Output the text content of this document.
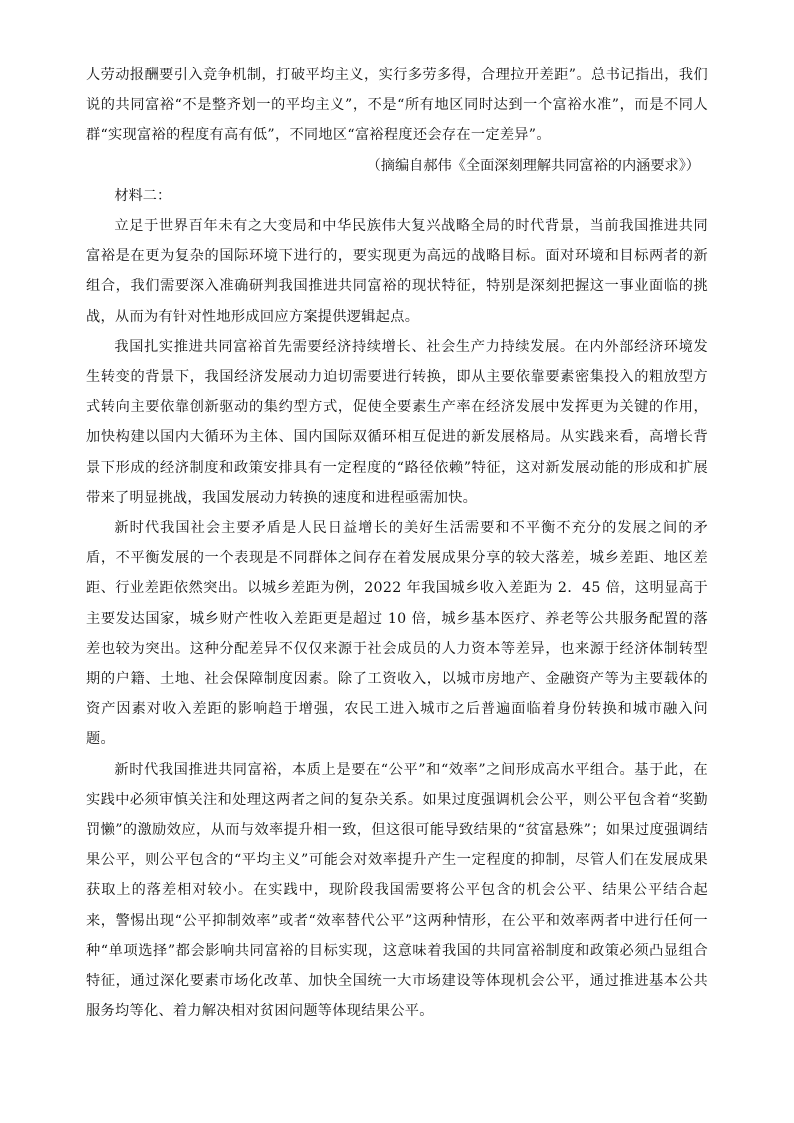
人劳动报酬要引入竞争机制，打破平均主义，实行多劳多得，合理拉开差距”。总书记指出，我们说的共同富裕“不是整齐划一的平均主义”，不是“所有地区同时达到一个富裕水准”，而是不同人群“实现富裕的程度有高有低”，不同地区“富裕程度还会存在一定差异”。

（摘编自郝伟《全面深刻理解共同富裕的内涵要求》）

材料二：

立足于世界百年未有之大变局和中华民族伟大复兴战略全局的时代背景，当前我国推进共同富裕是在更为复杂的国际环境下进行的，要实现更为高远的战略目标。面对环境和目标两者的新组合，我们需要深入准确研判我国推进共同富裕的现状特征，特别是深刻把握这一事业面临的挑战，从而为有针对性地形成回应方案提供逻辑起点。

我国扎实推进共同富裕首先需要经济持续增长、社会生产力持续发展。在内外部经济环境发生转变的背景下，我国经济发展动力迫切需要进行转换，即从主要依靠要素密集投入的粗放型方式转向主要依靠创新驱动的集约型方式，促使全要素生产率在经济发展中发挥更为关键的作用，加快构建以国内大循环为主体、国内国际双循环相互促进的新发展格局。从实践来看，高增长背景下形成的经济制度和政策安排具有一定程度的“路径依赖”特征，这对新发展动能的形成和扩展带来了明显挑战，我国发展动力转换的速度和进程亟需加快。

新时代我国社会主要矛盾是人民日益增长的美好生活需要和不平衡不充分的发展之间的矛盾，不平衡发展的一个表现是不同群体之间存在着发展成果分享的较大落差，城乡差距、地区差距、行业差距依然突出。以城乡差距为例，2022 年我国城乡收入差距为 2．45 倍，这明显高于主要发达国家，城乡财产性收入差距更是超过 10 倍，城乡基本医疗、养老等公共服务配置的落差也较为突出。这种分配差异不仅仅来源于社会成员的人力资本等差异，也来源于经济体制转型期的户籍、土地、社会保障制度因素。除了工资收入，以城市房地产、金融资产等为主要载体的资产因素对收入差距的影响趋于增强，农民工进入城市之后普遍面临着身份转换和城市融入问题。

新时代我国推进共同富裕，本质上是要在“公平”和“效率”之间形成高水平组合。基于此，在实践中必须审慎关注和处理这两者之间的复杂关系。如果过度强调机会公平，则公平包含着“奖勤罚懒”的激励效应，从而与效率提升相一致，但这很可能导致结果的“贫富悬殊”；如果过度强调结果公平，则公平包含的“平均主义”可能会对效率提升产生一定程度的抑制，尽管人们在发展成果获取上的落差相对较小。在实践中，现阶段我国需要将公平包含的机会公平、结果公平结合起来，警惕出现“公平抑制效率”或者“效率替代公平”这两种情形，在公平和效率两者中进行任何一种“单项选择”都会影响共同富裕的目标实现，这意味着我国的共同富裕制度和政策必须凸显组合特征，通过深化要素市场化改革、加快全国统一大市场建设等体现机会公平，通过推进基本公共服务均等化、着力解决相对贫困问题等体现结果公平。
